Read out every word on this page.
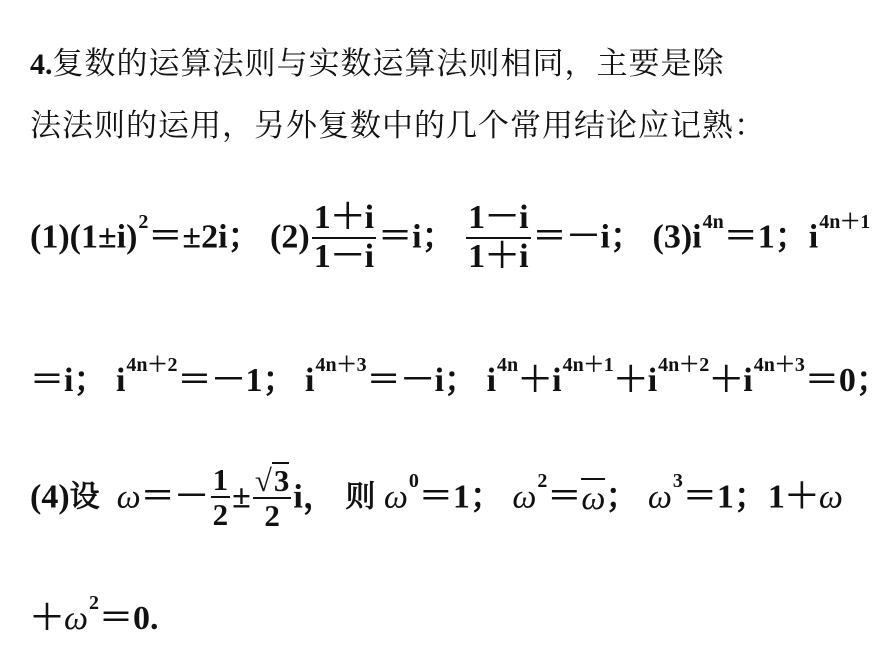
4.复数的运算法则与实数运算法则相同，主要是除
法法则的运用，另外复数中的几个常用结论应记熟：
$(1)(1\pm i)^2=\pm 2i$； $(2) \frac{1+i}{1-i} =i$； $\frac{1-i}{1+i} =-i$； $(3)i^{4n}=1$；$i^{4n+1}$
＝i； $i^{4n+2}=-1$； $i^{4n+3}=-i$； $i^{4n}+i^{4n+1}+i^{4n+2}+i^{4n+3}=0$；
(4)设  $\omega=- \frac{1}{2} \pm \frac{√3}{2}$ i， 则 $\omega^0=1$； $\omega^2=\omega$； $\omega^3=1$；1＋ω
$+\omega^2=0$.
